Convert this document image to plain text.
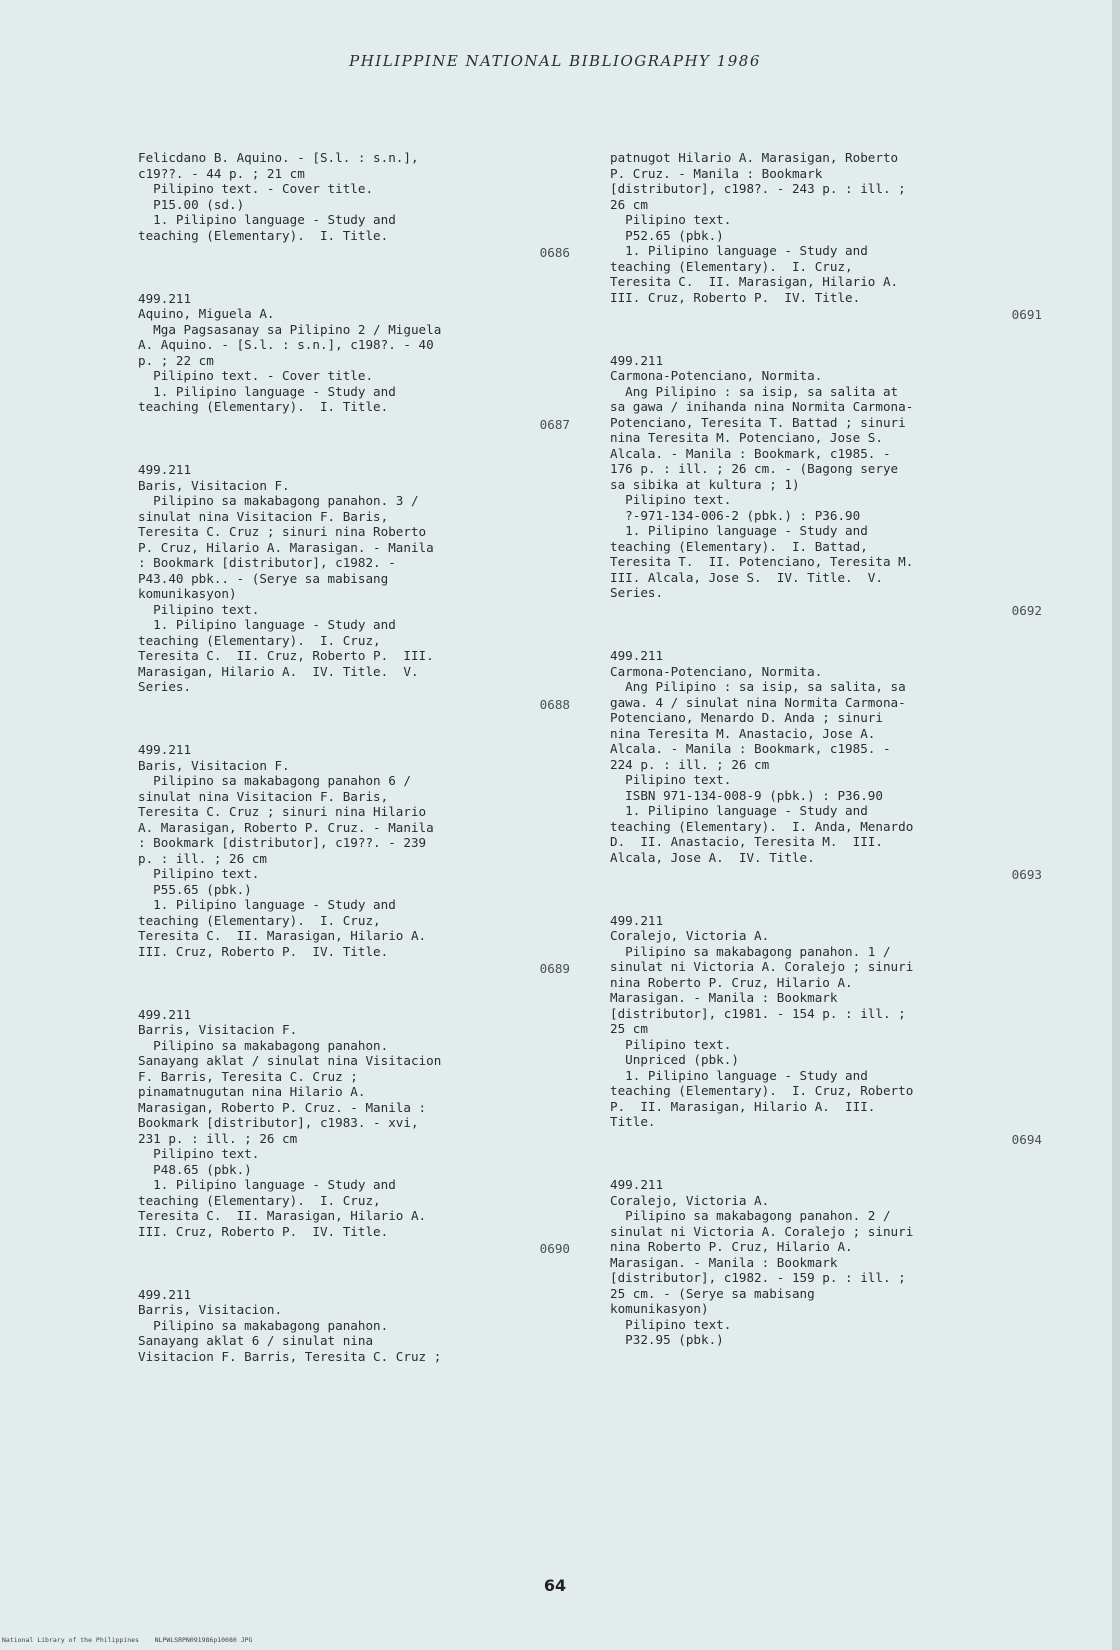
PHILIPPINE NATIONAL BIBLIOGRAPHY 1986
Felicdano B. Aquino. - [S.l. : s.n.],
c19??. - 44 p. ; 21 cm
Pilipino text. - Cover title.
P15.00 (sd.)
1. Pilipino language - Study and
teaching (Elementary).  I. Title.
0686
499.211
Aquino, Miguela A.
Mga Pagsasanay sa Pilipino 2 / Miguela
A. Aquino. - [S.l. : s.n.], c198?. - 40
p. ; 22 cm
Pilipino text. - Cover title.
1. Pilipino language - Study and
teaching (Elementary).  I. Title.
0687
499.211
Baris, Visitacion F.
Pilipino sa makabagong panahon. 3 /
sinulat nina Visitacion F. Baris,
Teresita C. Cruz ; sinuri nina Roberto
P. Cruz, Hilario A. Marasigan. - Manila
: Bookmark [distributor], c1982. -
P43.40 pbk.. - (Serye sa mabisang
komunikasyon)
Pilipino text.
1. Pilipino language - Study and
teaching (Elementary).  I. Cruz,
Teresita C.  II. Cruz, Roberto P.  III.
Marasigan, Hilario A.  IV. Title.  V.
Series.
0688
499.211
Baris, Visitacion F.
Pilipino sa makabagong panahon 6 /
sinulat nina Visitacion F. Baris,
Teresita C. Cruz ; sinuri nina Hilario
A. Marasigan, Roberto P. Cruz. - Manila
: Bookmark [distributor], c19??. - 239
p. : ill. ; 26 cm
Pilipino text.
P55.65 (pbk.)
1. Pilipino language - Study and
teaching (Elementary).  I. Cruz,
Teresita C.  II. Marasigan, Hilario A.
III. Cruz, Roberto P.  IV. Title.
0689
499.211
Barris, Visitacion F.
Pilipino sa makabagong panahon.
Sanayang aklat / sinulat nina Visitacion
F. Barris, Teresita C. Cruz ;
pinamatnugutan nina Hilario A.
Marasigan, Roberto P. Cruz. - Manila :
Bookmark [distributor], c1983. - xvi,
231 p. : ill. ; 26 cm
Pilipino text.
P48.65 (pbk.)
1. Pilipino language - Study and
teaching (Elementary).  I. Cruz,
Teresita C.  II. Marasigan, Hilario A.
III. Cruz, Roberto P.  IV. Title.
0690
499.211
Barris, Visitacion.
Pilipino sa makabagong panahon.
Sanayang aklat 6 / sinulat nina
Visitacion F. Barris, Teresita C. Cruz ;
patnugot Hilario A. Marasigan, Roberto
P. Cruz. - Manila : Bookmark
[distributor], c198?. - 243 p. : ill. ;
26 cm
Pilipino text.
P52.65 (pbk.)
1. Pilipino language - Study and
teaching (Elementary).  I. Cruz,
Teresita C.  II. Marasigan, Hilario A.
III. Cruz, Roberto P.  IV. Title.
0691
499.211
Carmona-Potenciano, Normita.
Ang Pilipino : sa isip, sa salita at
sa gawa / inihanda nina Normita Carmona-
Potenciano, Teresita T. Battad ; sinuri
nina Teresita M. Potenciano, Jose S.
Alcala. - Manila : Bookmark, c1985. -
176 p. : ill. ; 26 cm. - (Bagong serye
sa sibika at kultura ; 1)
Pilipino text.
?-971-134-006-2 (pbk.) : P36.90
1. Pilipino language - Study and
teaching (Elementary).  I. Battad,
Teresita T.  II. Potenciano, Teresita M.
III. Alcala, Jose S.  IV. Title.  V.
Series.
0692
499.211
Carmona-Potenciano, Normita.
Ang Pilipino : sa isip, sa salita, sa
gawa. 4 / sinulat nina Normita Carmona-
Potenciano, Menardo D. Anda ; sinuri
nina Teresita M. Anastacio, Jose A.
Alcala. - Manila : Bookmark, c1985. -
224 p. : ill. ; 26 cm
Pilipino text.
ISBN 971-134-008-9 (pbk.) : P36.90
1. Pilipino language - Study and
teaching (Elementary).  I. Anda, Menardo
D.  II. Anastacio, Teresita M.  III.
Alcala, Jose A.  IV. Title.
0693
499.211
Coralejo, Victoria A.
Pilipino sa makabagong panahon. 1 /
sinulat ni Victoria A. Coralejo ; sinuri
nina Roberto P. Cruz, Hilario A.
Marasigan. - Manila : Bookmark
[distributor], c1981. - 154 p. : ill. ;
25 cm
Pilipino text.
Unpriced (pbk.)
1. Pilipino language - Study and
teaching (Elementary).  I. Cruz, Roberto
P.  II. Marasigan, Hilario A.  III.
Title.
0694
499.211
Coralejo, Victoria A.
Pilipino sa makabagong panahon. 2 /
sinulat ni Victoria A. Coralejo ; sinuri
nina Roberto P. Cruz, Hilario A.
Marasigan. - Manila : Bookmark
[distributor], c1982. - 159 p. : ill. ;
25 cm. - (Serye sa mabisang
komunikasyon)
Pilipino text.
P32.95 (pbk.)
64
National Library of the Philippines    NLPWLSRPN091986p10080 JPG
